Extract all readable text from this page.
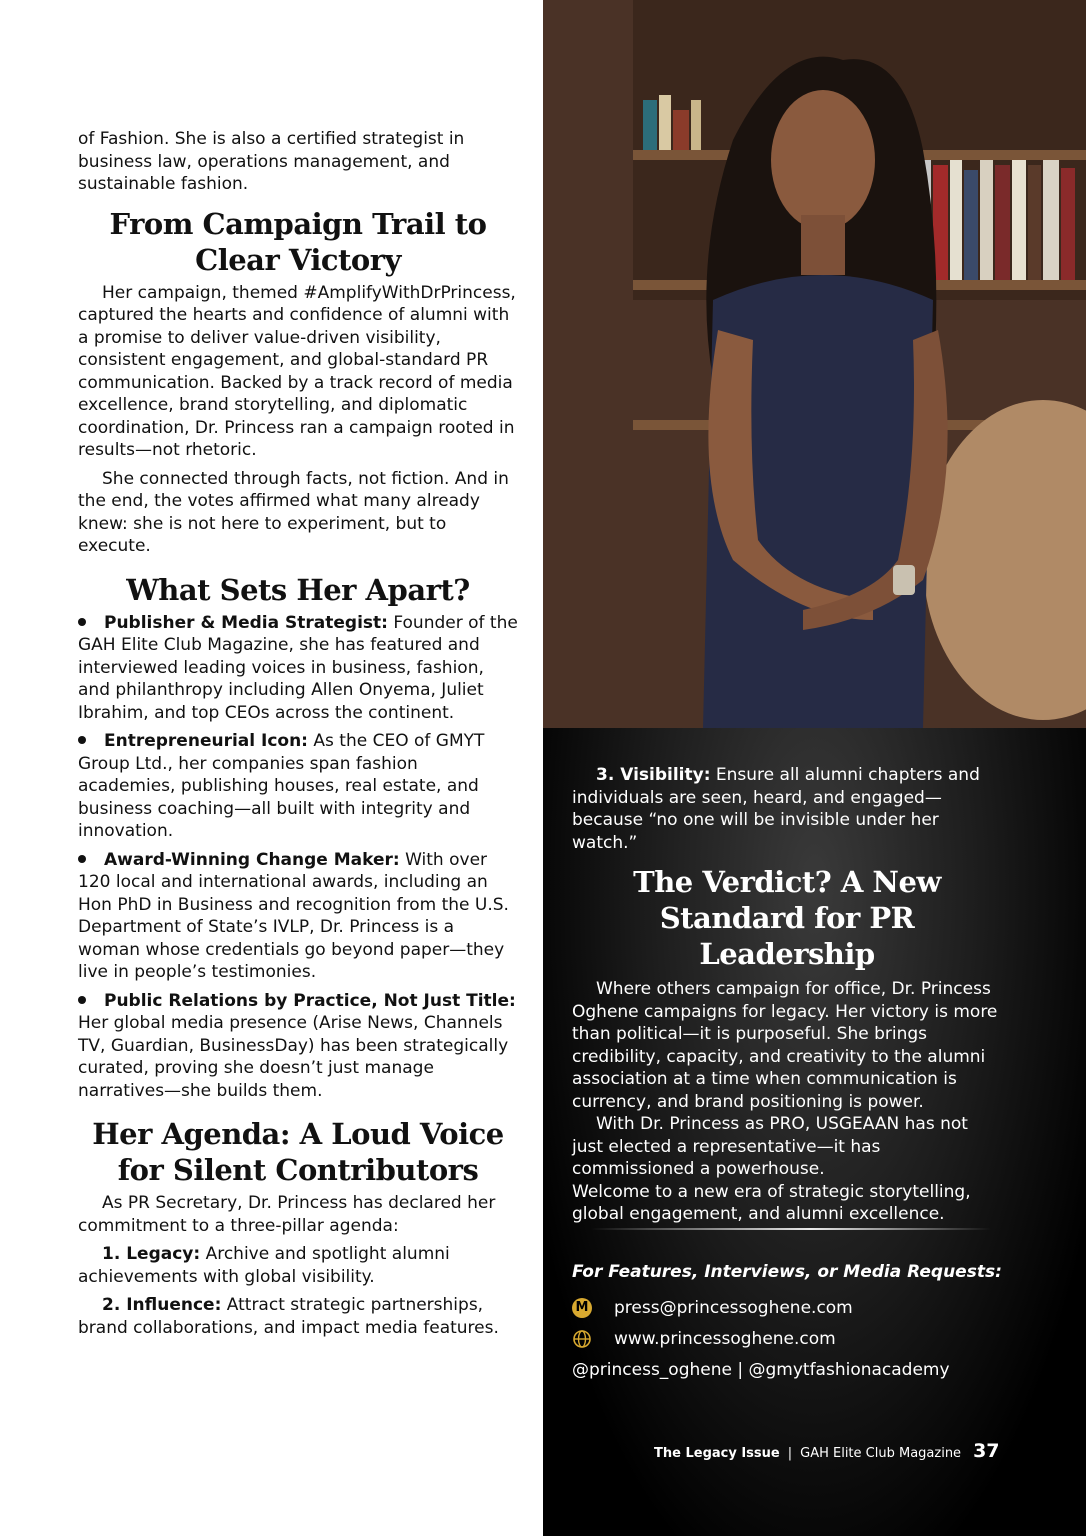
of Fashion. She is also a certified strategist in business law, operations management, and sustainable fashion.

From Campaign Trail to Clear Victory

Her campaign, themed #AmplifyWithDrPrincess, captured the hearts and confidence of alumni with a promise to deliver value-driven visibility, consistent engagement, and global-standard PR communication. Backed by a track record of media excellence, brand storytelling, and diplomatic coordination, Dr. Princess ran a campaign rooted in results—not rhetoric.

She connected through facts, not fiction. And in the end, the votes affirmed what many already knew: she is not here to experiment, but to execute.

What Sets Her Apart?

Publisher & Media Strategist: Founder of the GAH Elite Club Magazine, she has featured and interviewed leading voices in business, fashion, and philanthropy including Allen Onyema, Juliet Ibrahim, and top CEOs across the continent.

Entrepreneurial Icon: As the CEO of GMYT Group Ltd., her companies span fashion academies, publishing houses, real estate, and business coaching—all built with integrity and innovation.

Award-Winning Change Maker: With over 120 local and international awards, including an Hon PhD in Business and recognition from the U.S. Department of State’s IVLP, Dr. Princess is a woman whose credentials go beyond paper—they live in people’s testimonies.

Public Relations by Practice, Not Just Title: Her global media presence (Arise News, Channels TV, Guardian, BusinessDay) has been strategically curated, proving she doesn’t just manage narratives—she builds them.

Her Agenda: A Loud Voice for Silent Contributors

As PR Secretary, Dr. Princess has declared her commitment to a three-pillar agenda:

1. Legacy: Archive and spotlight alumni achievements with global visibility.

2. Influence: Attract strategic partnerships, brand collaborations, and impact media features.

3. Visibility: Ensure all alumni chapters and individuals are seen, heard, and engaged—because “no one will be invisible under her watch.”

The Verdict? A New Standard for PR Leadership

Where others campaign for office, Dr. Princess Oghene campaigns for legacy. Her victory is more than political—it is purposeful. She brings credibility, capacity, and creativity to the alumni association at a time when communication is currency, and brand positioning is power.

With Dr. Princess as PRO, USGEAAN has not just elected a representative—it has commissioned a powerhouse.

Welcome to a new era of strategic storytelling, global engagement, and alumni excellence.

For Features, Interviews, or Media Requests:
M press@princessoghene.com
www.princessoghene.com
@princess_oghene | @gmytfashionacademy
The Legacy Issue | GAH Elite Club Magazine 37
